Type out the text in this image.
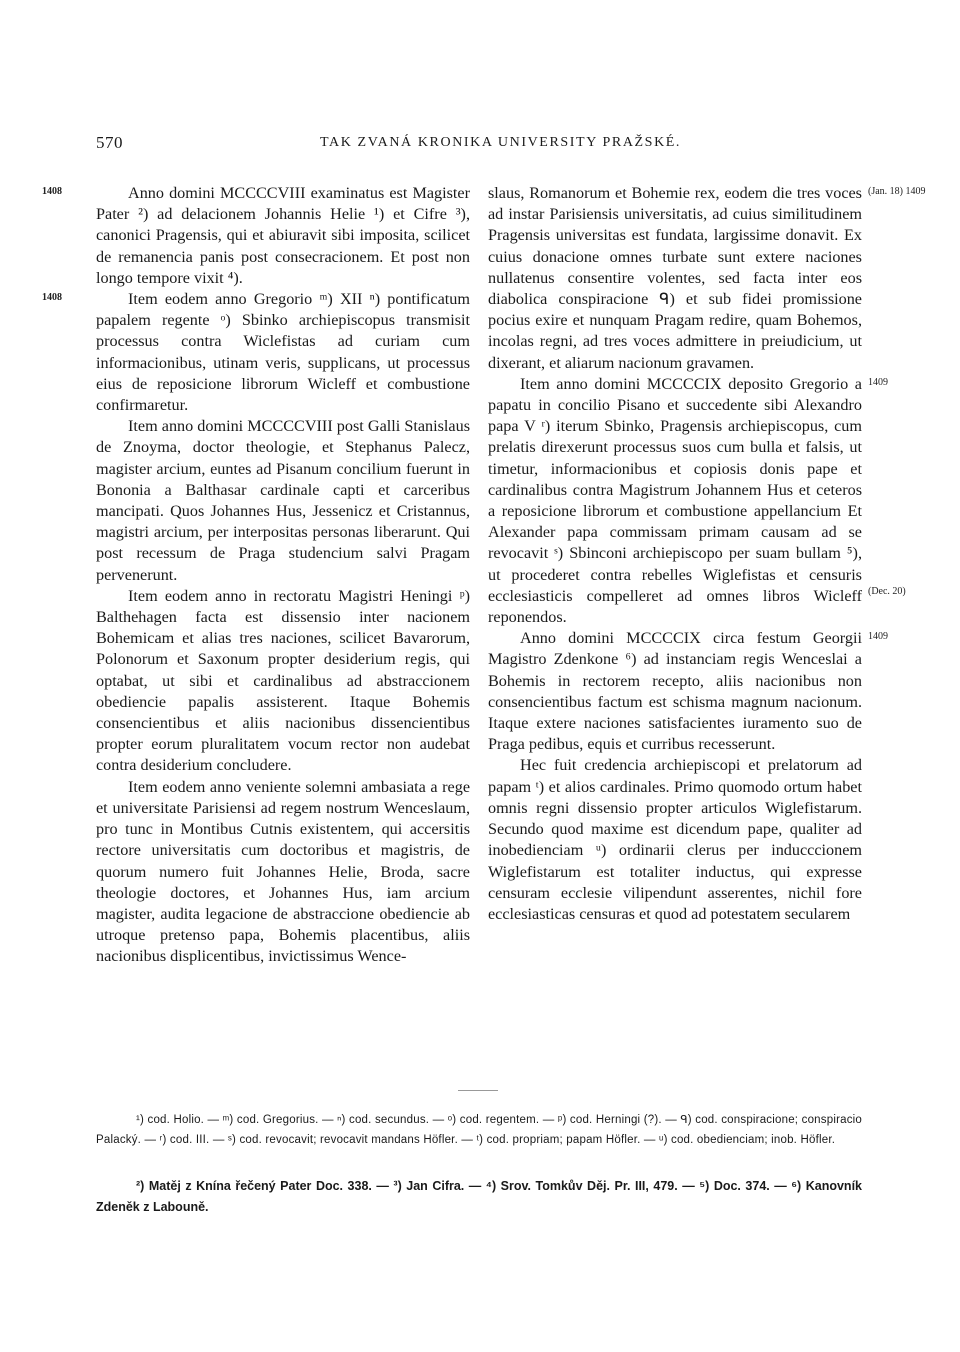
570	TAK ZVANÁ KRONIKA UNIVERSITY PRAŽSKÉ.
1408	Anno domini MCCCCVIII examinatus est Magister Pater ²) ad delacionem Johannis Helie ¹) et Cifre ³), canonici Pragensis, qui et abiuravit sibi imposita, scilicet de remanencia panis post consecracionem. Et post non longo tempore vixit ⁴).

1408	Item eodem anno Gregorio ᵐ) XII ⁿ) pontificatum papalem regente ᵒ) Sbinko archiepiscopus transmisit processus contra Wiclefistas ad curiam cum informacionibus, utinam veris, supplicans, ut processus eius de reposicione librorum Wicleff et combustione confirmaretur.

Item anno domini MCCCCVIII post Galli Stanislaus de Znoyma, doctor theologie, et Stephanus Palecz, magister arcium, euntes ad Pisanum concilium fuerunt in Bononia a Balthasar cardinale capti et carceribus mancipati. Quos Johannes Hus, Jessenicz et Cristannus, magistri arcium, per interpositas personas liberarunt. Qui post recessum de Praga studencium salvi Pragam pervenerunt.

Item eodem anno in rectoratu Magistri Heningi ᵖ) Balthehagen facta est dissensio inter nacionem Bohemicam et alias tres naciones, scilicet Bavarorum, Polonorum et Saxonum propter desiderium regis, qui optabat, ut sibi et cardinalibus ad abstraccionem obediencie papalis assisterent. Itaque Bohemis consencientibus et aliis nacionibus dissencientibus propter eorum pluralitatem vocum rector non audebat contra desiderium concludere.

Item eodem anno veniente solemni ambasiata a rege et universitate Parisiensi ad regem nostrum Wenceslaum, pro tunc in Montibus Cutnis existentem, qui accersitis rectore universitatis cum doctoribus et magistris, de quorum numero fuit Johannes Helie, Broda, sacre theologie doctores, et Johannes Hus, iam arcium magister, audita legacione de abstraccione obediencie ab utroque pretenso papa, Bohemis placentibus, aliis nacionibus displicentibus, invictissimus Wence-

(Jan. 18) 1409

slaus, Romanorum et Bohemie rex, eodem die tres voces ad instar Parisiensis universitatis, ad cuius similitudinem Pragensis universitas est fundata, largissime donavit. Ex cuius donacione omnes turbate sunt extere naciones nullatenus consentire volentes, sed facta inter eos diabolica conspiracione ᑫ) et sub fidei promissione pocius exire et nunquam Pragam redire, quam Bohemos, incolas regni, ad tres voces admittere in preiudicium, ut dixerant, et aliarum nacionum gravamen.

1409
(Dec. 20)

Item anno domini MCCCCIX deposito Gregorio a papatu in concilio Pisano et succedente sibi Alexandro papa V ʳ) iterum Sbinko, Pragensis archiepiscopus, cum prelatis direxerunt processus suos cum bulla et falsis, ut timetur, informacionibus et copiosis donis pape et cardinalibus contra Magistrum Johannem Hus et ceteros a reposicione librorum et combustione appellancium Et Alexander papa commissam primam causam ad se revocavit ˢ) Sbinconi archiepiscopo per suam bullam ⁵), ut procederet contra rebelles Wiglefistas et censuris ecclesiasticis compelleret ad omnes libros Wicleff reponendos.

1409

Anno domini MCCCCIX circa festum Georgii Magistro Zdenkone ⁶) ad instanciam regis Wenceslai a Bohemis in rectorem recepto, aliis nacionibus non consencientibus factum est schisma magnum nacionum. Itaque extere naciones satisfacientes iuramento suo de Praga pedibus, equis et curribus recesserunt.

Hec fuit credencia archiepiscopi et prelatorum ad papam ᵗ) et alios cardinales. Primo quomodo ortum habet omnis regni dissensio propter articulos Wiglefistarum. Secundo quod maxime est dicendum pape, qualiter ad inobedienciam ᵘ) ordinarii clerus per inducccionem Wiglefistarum est totaliter inductus, qui expresse censuram ecclesie vilipendunt asserentes, nichil fore ecclesiasticas censuras et quod ad potestatem secularem

¹) cod. Holio. — ᵐ) cod. Gregorius. — ⁿ) cod. secundus. — ᵒ) cod. regentem. — ᵖ) cod. Herningi (?). — ᑫ) cod. conspiracione; conspiracio Palacký. — ʳ) cod. III. — ˢ) cod. revocavit; revocavit mandans Höfler. — ᵗ) cod. propriam; papam Höfler. — ᵘ) cod. obedienciam; inob. Höfler.
²) Matěj z Knína řečený Pater Doc. 338. — ³) Jan Cifra. — ⁴) Srov. Tomkův Děj. Pr. III, 479. — ⁵) Doc. 374. — ⁶) Kanovník Zdeněk z Labouně.
